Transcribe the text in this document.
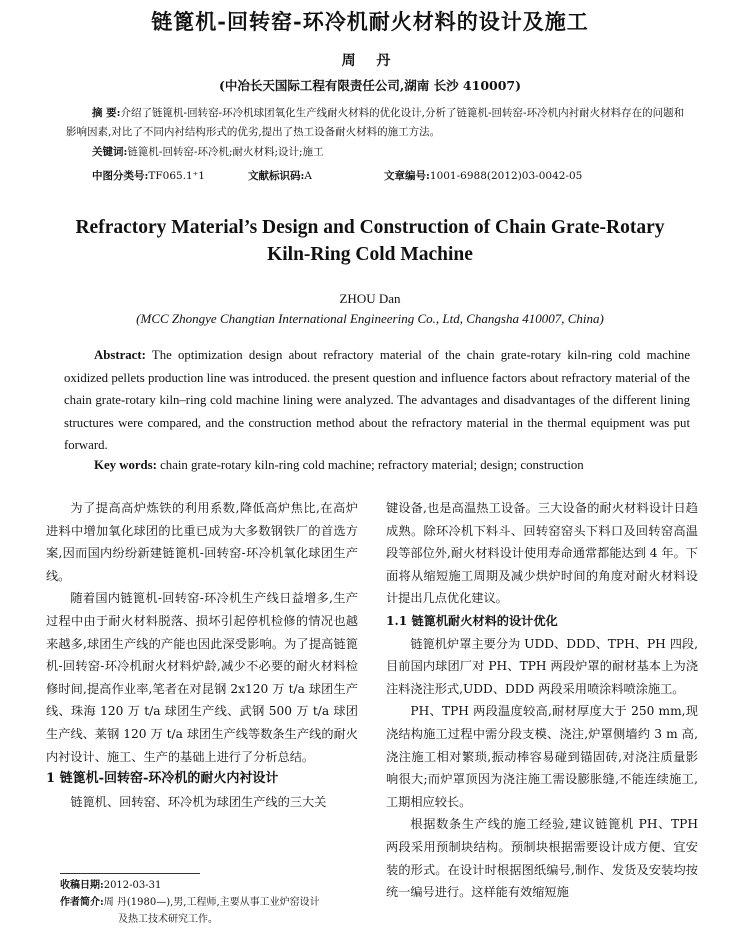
链篦机-回转窑-环冷机耐火材料的设计及施工
周 丹
(中冶长天国际工程有限责任公司,湖南 长沙 410007)
摘 要:介绍了链篦机-回转窑-环冷机球团氧化生产线耐火材料的优化设计,分析了链篦机-回转窑-环冷机内衬耐火材料存在的问题和影响因素,对比了不同内衬结构形式的优劣,提出了热工设备耐火材料的施工方法。
关键词:链篦机-回转窑-环冷机;耐火材料;设计;施工
中图分类号:TF065.1⁺1	文献标识码:A	文章编号:1001-6988(2012)03-0042-05
Refractory Material’s Design and Construction of Chain Grate-Rotary
Kiln-Ring Cold Machine
ZHOU Dan
(MCC Zhongye Changtian International Engineering Co., Ltd, Changsha 410007, China)
Abstract: The optimization design about refractory material of the chain grate-rotary kiln-ring cold machine oxidized pellets production line was introduced. the present question and influence factors about refractory material of the chain grate-rotary kiln–ring cold machine lining were analyzed. The advantages and disadvantages of the different lining structures were compared, and the construction method about the refractory material in the thermal equipment was put forward.
Key words: chain grate-rotary kiln-ring cold machine; refractory material; design; construction

为了提高高炉炼铁的利用系数,降低高炉焦比,在高炉进料中增加氧化球团的比重已成为大多数钢铁厂的首选方案,因而国内纷纷新建链篦机-回转窑-环冷机氧化球团生产线。

随着国内链篦机-回转窑-环冷机生产线日益增多,生产过程中由于耐火材料脱落、损坏引起停机检修的情况也越来越多,球团生产线的产能也因此深受影响。为了提高链篦机-回转窑-环冷机耐火材料炉龄,减少不必要的耐火材料检修时间,提高作业率,笔者在对昆钢 2x120 万 t/a 球团生产线、珠海 120 万 t/a 球团生产线、武钢 500 万 t/a 球团生产线、莱钢 120 万 t/a 球团生产线等数条生产线的耐火内衬设计、施工、生产的基础上进行了分析总结。

1 链篦机-回转窑-环冷机的耐火内衬设计

链篦机、回转窑、环冷机为球团生产线的三大关

键设备,也是高温热工设备。三大设备的耐火材料设计日趋成熟。除环冷机下料斗、回转窑窑头下料口及回转窑高温段等部位外,耐火材料设计使用寿命通常都能达到 4 年。下面将从缩短施工周期及减少烘炉时间的角度对耐火材料设计提出几点优化建议。

1.1 链篦机耐火材料的设计优化

链篦机炉罩主要分为 UDD、DDD、TPH、PH 四段,目前国内球团厂对 PH、TPH 两段炉罩的耐材基本上为浇注料浇注形式,UDD、DDD 两段采用喷涂料喷涂施工。

PH、TPH 两段温度较高,耐材厚度大于 250 mm,现浇结构施工过程中需分段支模、浇注,炉罩侧墙约 3 m 高,浇注施工相对繁琐,振动棒容易碰到锚固砖,对浇注质量影响很大;而炉罩顶因为浇注施工需设膨胀缝,不能连续施工,工期相应较长。

根据数条生产线的施工经验,建议链篦机 PH、TPH 两段采用预制块结构。预制块根据需要设计成方便、宜安装的形式。在设计时根据图纸编号,制作、发货及安装均按统一编号进行。这样能有效缩短施

收稿日期:2012-03-31
作者简介:周 丹(1980—),男,工程师,主要从事工业炉窑设计
及热工技术研究工作。
